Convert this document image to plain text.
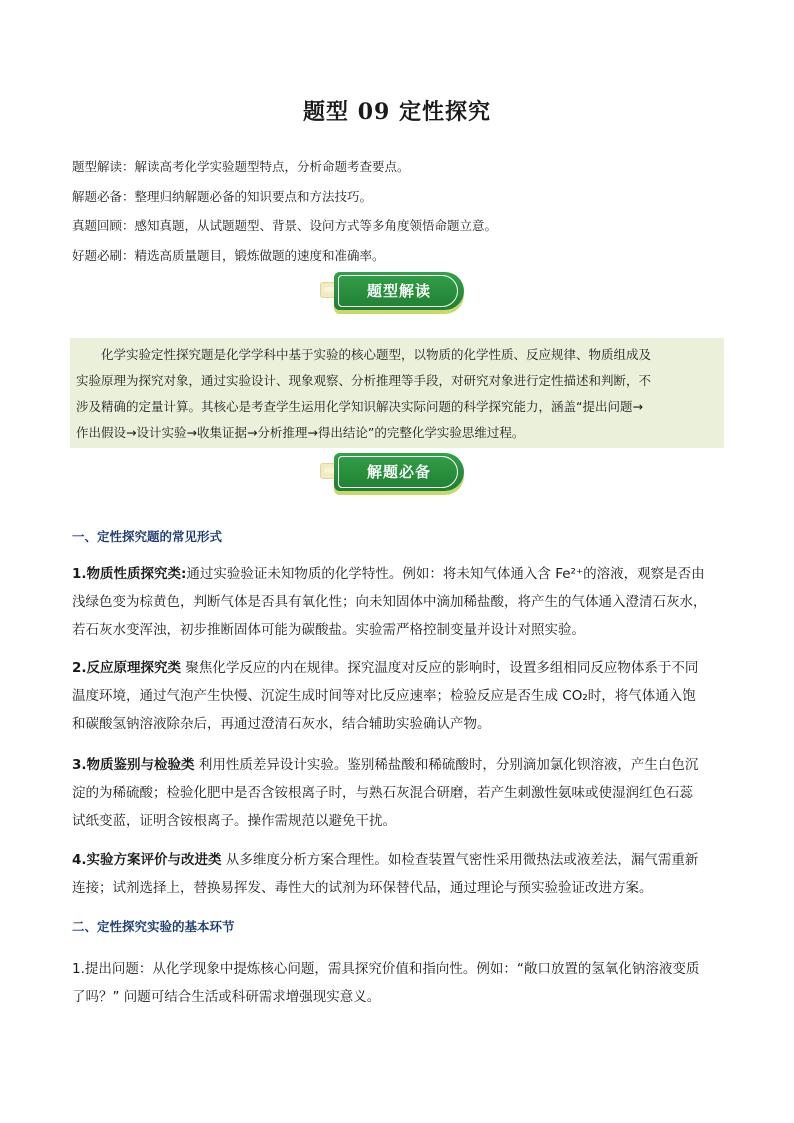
题型 09 定性探究
题型解读：解读高考化学实验题型特点，分析命题考查要点。
解题必备：整理归纳解题必备的知识要点和方法技巧。
真题回顾：感知真题，从试题题型、背景、设问方式等多角度领悟命题立意。
好题必刷：精选高质量题目，锻炼做题的速度和准确率。
题型解读
化学实验定性探究题是化学学科中基于实验的核心题型，以物质的化学性质、反应规律、物质组成及
实验原理为探究对象，通过实验设计、现象观察、分析推理等手段，对研究对象进行定性描述和判断，不
涉及精确的定量计算。其核心是考查学生运用化学知识解决实际问题的科学探究能力，涵盖“提出问题→
作出假设→设计实验→收集证据→分析推理→得出结论”的完整化学实验思维过程。
解题必备
一、定性探究题的常见形式
1.物质性质探究类:通过实验验证未知物质的化学特性。例如：将未知气体通入含 Fe²⁺的溶液，观察是否由
浅绿色变为棕黄色，判断气体是否具有氧化性；向未知固体中滴加稀盐酸，将产生的气体通入澄清石灰水，
若石灰水变浑浊，初步推断固体可能为碳酸盐。实验需严格控制变量并设计对照实验。
2.反应原理探究类 聚焦化学反应的内在规律。探究温度对反应的影响时，设置多组相同反应物体系于不同
温度环境，通过气泡产生快慢、沉淀生成时间等对比反应速率；检验反应是否生成 CO₂时，将气体通入饱
和碳酸氢钠溶液除杂后，再通过澄清石灰水，结合辅助实验确认产物。
3.物质鉴别与检验类 利用性质差异设计实验。鉴别稀盐酸和稀硫酸时，分别滴加氯化钡溶液，产生白色沉
淀的为稀硫酸；检验化肥中是否含铵根离子时，与熟石灰混合研磨，若产生刺激性氨味或使湿润红色石蕊
试纸变蓝，证明含铵根离子。操作需规范以避免干扰。
4.实验方案评价与改进类 从多维度分析方案合理性。如检查装置气密性采用微热法或液差法，漏气需重新
连接；试剂选择上，替换易挥发、毒性大的试剂为环保替代品，通过理论与预实验验证改进方案。
二、定性探究实验的基本环节
1.提出问题：从化学现象中提炼核心问题，需具探究价值和指向性。例如：“敞口放置的氢氧化钠溶液变质
了吗？” 问题可结合生活或科研需求增强现实意义。
